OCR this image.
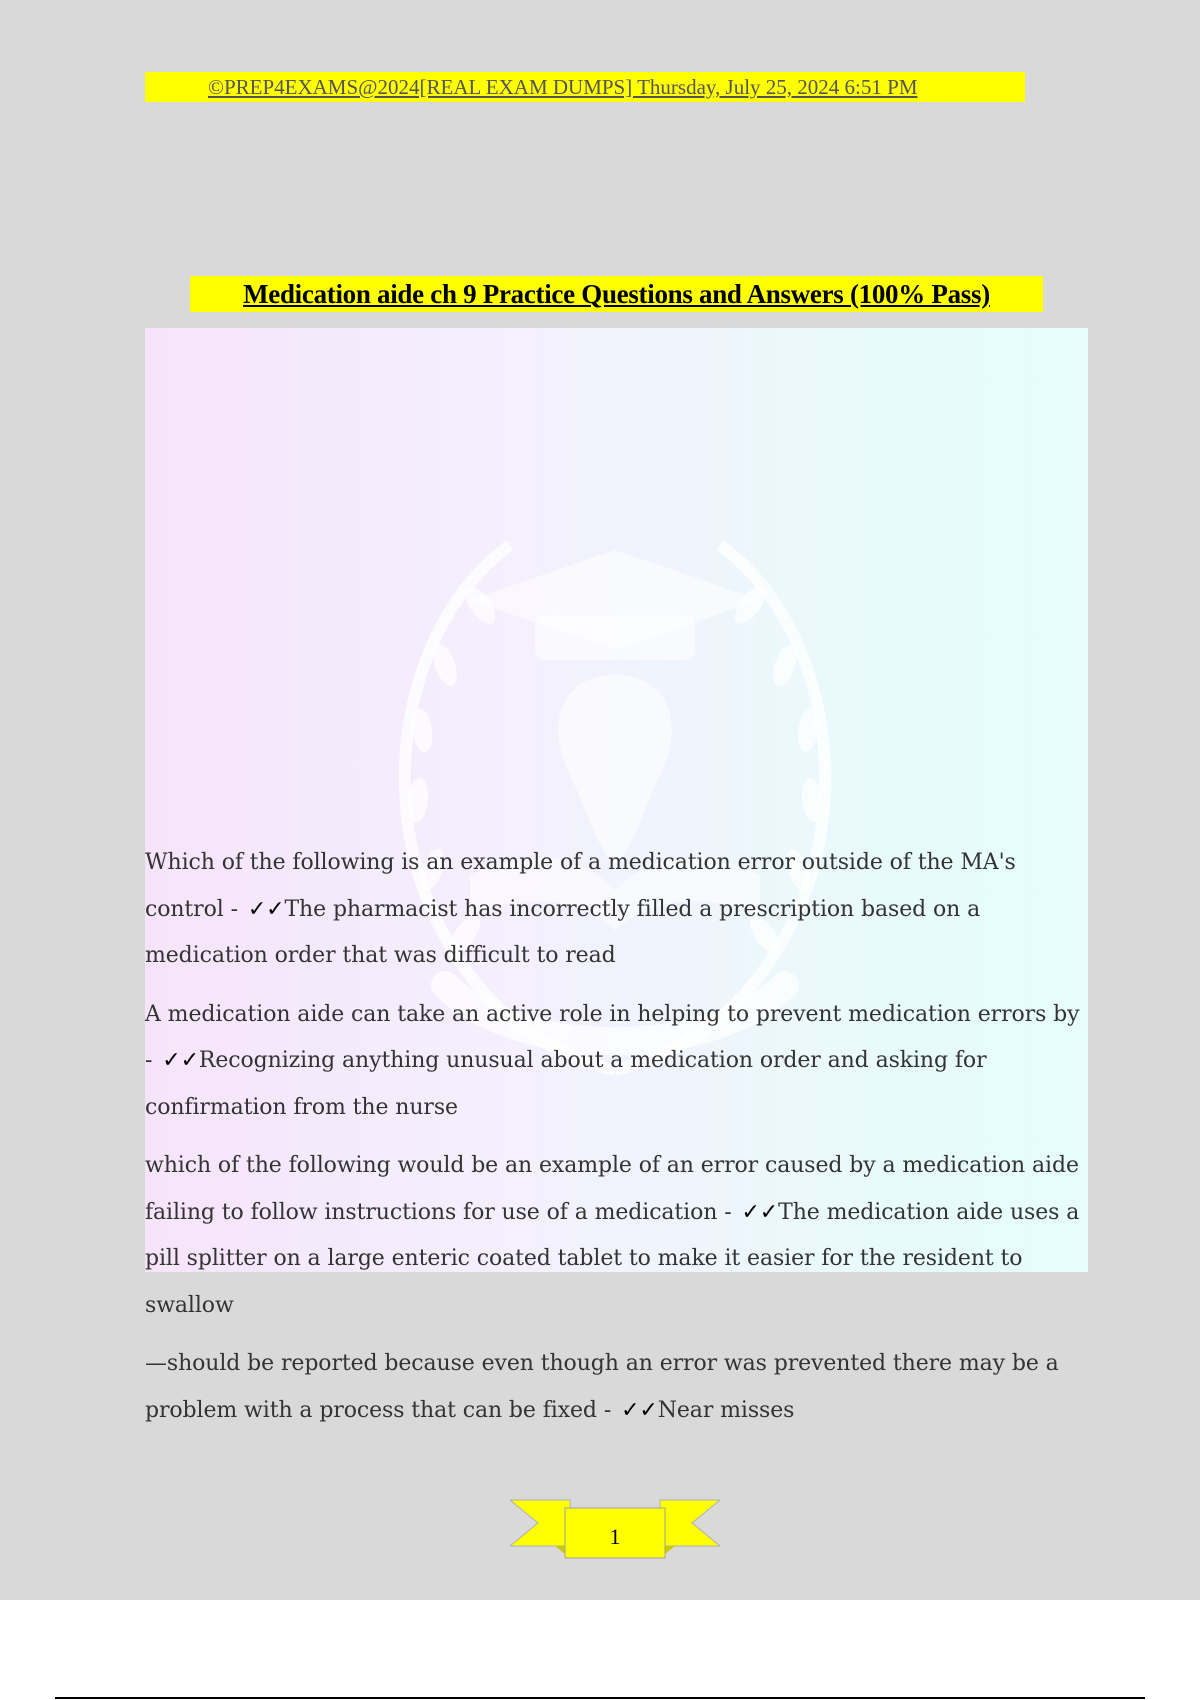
©PREP4EXAMS@2024[REAL EXAM DUMPS] Thursday, July 25, 2024 6:51 PM
Medication aide ch 9 Practice Questions and Answers (100% Pass)

Which of the following is an example of a medication error outside of the MA's control - ✓✓The pharmacist has incorrectly filled a prescription based on a medication order that was difficult to read

A medication aide can take an active role in helping to prevent medication errors by - ✓✓Recognizing anything unusual about a medication order and asking for confirmation from the nurse

which of the following would be an example of an error caused by a medication aide failing to follow instructions for use of a medication - ✓✓The medication aide uses a pill splitter on a large enteric coated tablet to make it easier for the resident to swallow

—should be reported because even though an error was prevented there may be a problem with a process that can be fixed - ✓✓Near misses

1
